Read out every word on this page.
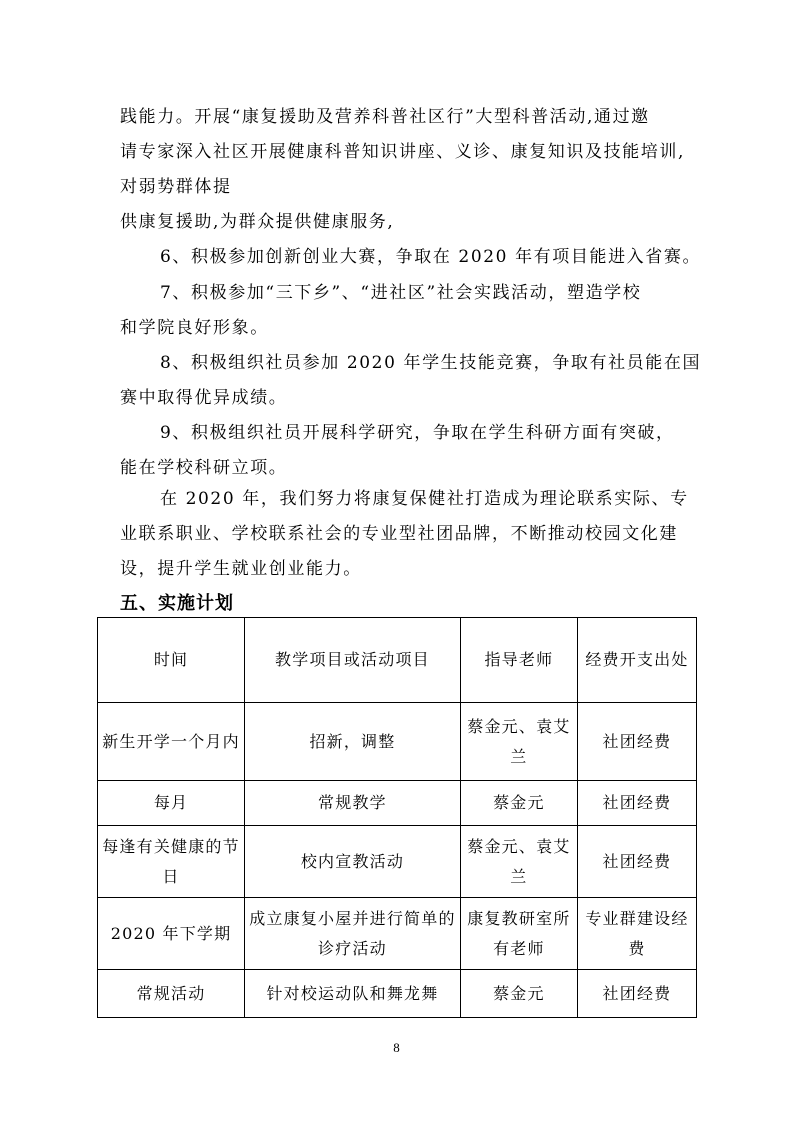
践能力。开展“康复援助及营养科普社区行”大型科普活动,通过邀
请专家深入社区开展健康科普知识讲座、义诊、康复知识及技能培训,
对弱势群体提
供康复援助,为群众提供健康服务,
6、积极参加创新创业大赛，争取在 2020 年有项目能进入省赛。
7、积极参加“三下乡”、“进社区”社会实践活动，塑造学校
和学院良好形象。
8、积极组织社员参加 2020 年学生技能竞赛，争取有社员能在国
赛中取得优异成绩。
9、积极组织社员开展科学研究，争取在学生科研方面有突破，
能在学校科研立项。
在 2020 年，我们努力将康复保健社打造成为理论联系实际、专
业联系职业、学校联系社会的专业型社团品牌，不断推动校园文化建
设，提升学生就业创业能力。
五、实施计划
时间	教学项目或活动项目	指导老师	经费开支出处
新生开学一个月内	招新，调整	蔡金元、袁艾兰	社团经费
每月	常规教学	蔡金元	社团经费
每逢有关健康的节日	校内宣教活动	蔡金元、袁艾兰	社团经费
2020 年下学期	成立康复小屋并进行简单的诊疗活动	康复教研室所有老师	专业群建设经费
常规活动	针对校运动队和舞龙舞	蔡金元	社团经费
8
